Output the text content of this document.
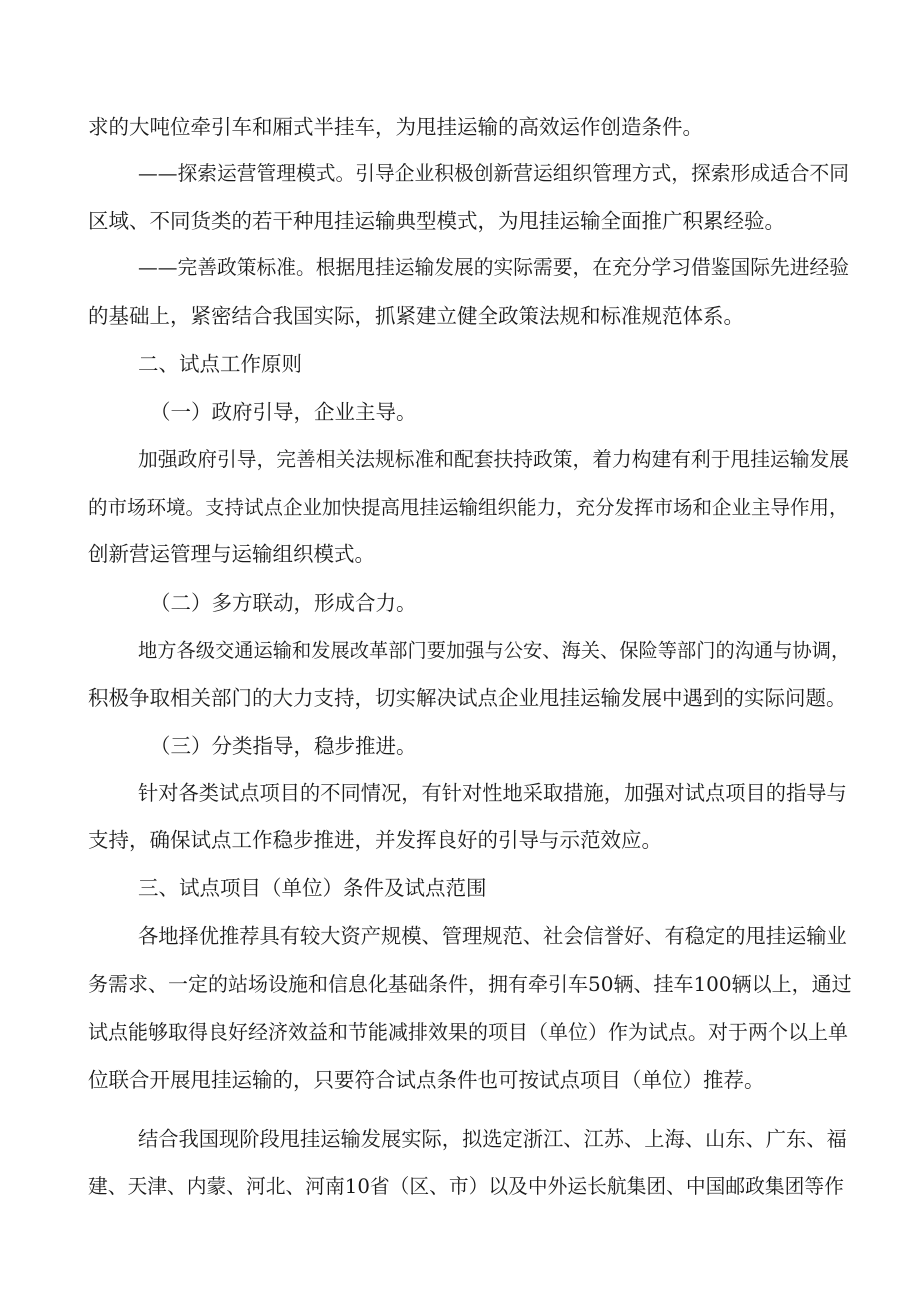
求的大吨位牵引车和厢式半挂车，为甩挂运输的高效运作创造条件。
——探索运营管理模式。引导企业积极创新营运组织管理方式，探索形成适合不同
区域、不同货类的若干种甩挂运输典型模式，为甩挂运输全面推广积累经验。
——完善政策标准。根据甩挂运输发展的实际需要，在充分学习借鉴国际先进经验
的基础上，紧密结合我国实际，抓紧建立健全政策法规和标准规范体系。
二、试点工作原则
（一）政府引导，企业主导。
加强政府引导，完善相关法规标准和配套扶持政策，着力构建有利于甩挂运输发展
的市场环境。支持试点企业加快提高甩挂运输组织能力，充分发挥市场和企业主导作用，
创新营运管理与运输组织模式。
（二）多方联动，形成合力。
地方各级交通运输和发展改革部门要加强与公安、海关、保险等部门的沟通与协调，
积极争取相关部门的大力支持，切实解决试点企业甩挂运输发展中遇到的实际问题。
（三）分类指导，稳步推进。
针对各类试点项目的不同情况，有针对性地采取措施，加强对试点项目的指导与
支持，确保试点工作稳步推进，并发挥良好的引导与示范效应。
三、试点项目（单位）条件及试点范围
各地择优推荐具有较大资产规模、管理规范、社会信誉好、有稳定的甩挂运输业
务需求、一定的站场设施和信息化基础条件，拥有牵引车50辆、挂车100辆以上，通过
试点能够取得良好经济效益和节能减排效果的项目（单位）作为试点。对于两个以上单
位联合开展甩挂运输的，只要符合试点条件也可按试点项目（单位）推荐。
结合我国现阶段甩挂运输发展实际，拟选定浙江、江苏、上海、山东、广东、福
建、天津、内蒙、河北、河南10省（区、市）以及中外运长航集团、中国邮政集团等作
